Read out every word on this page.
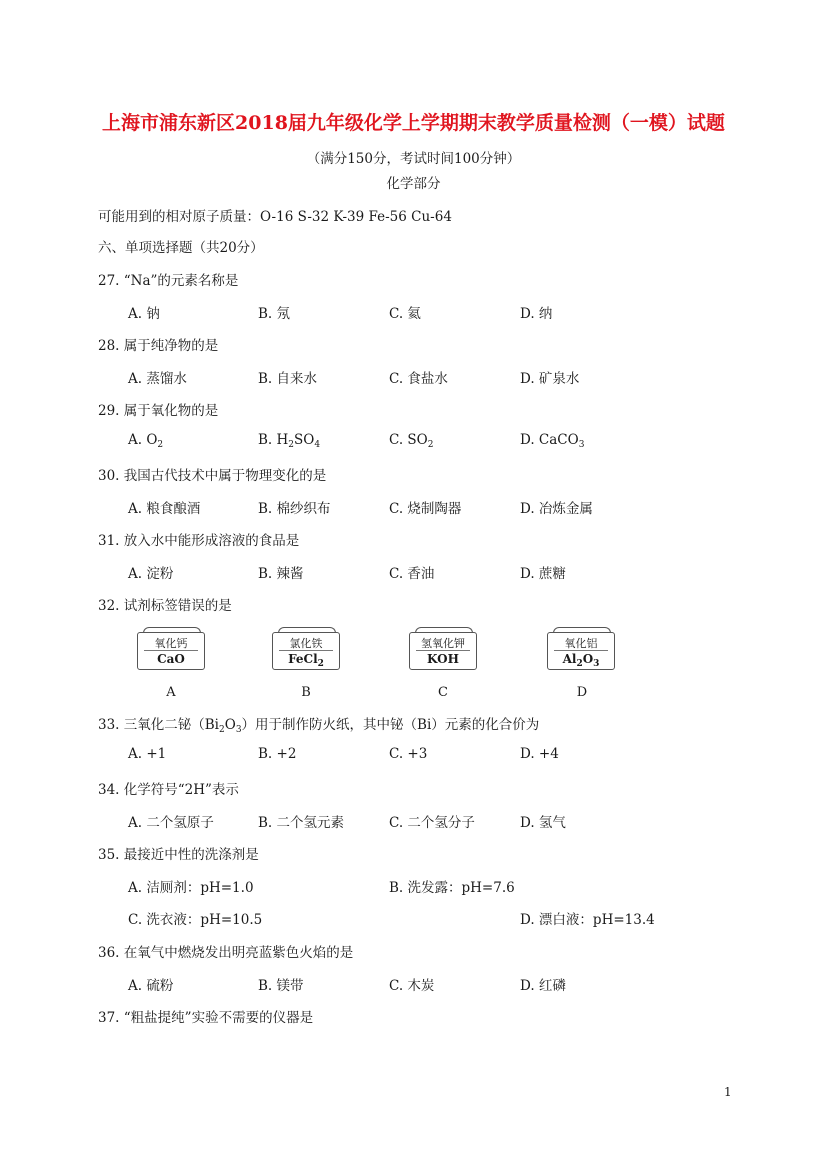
上海市浦东新区2018届九年级化学上学期期末教学质量检测（一模）试题
（满分150分，考试时间100分钟）
化学部分
可能用到的相对原子质量：O-16 S-32 K-39 Fe-56 Cu-64
六、单项选择题（共20分）
27. “Na”的元素名称是
A. 钠	B. 氖	C. 氦	D. 纳
28. 属于纯净物的是
A. 蒸馏水	B. 自来水	C. 食盐水	D. 矿泉水
29. 属于氧化物的是
A. $O_2$	B. $H_2SO_4$	C. $SO_2$	D. CaCO$_3$
30. 我国古代技术中属于物理变化的是
A. 粮食酿酒	B. 棉纱织布	C. 烧制陶器	D. 冶炼金属
31. 放入水中能形成溶液的食品是
A. 淀粉	B. 辣酱	C. 香油	D. 蔗糖
32. 试剂标签错误的是
氧化钙
CaO
氯化铁
FeCl$_2$
氢氧化钾
KOH
氧化铝
$Al_2O_3$
A	B	C	D
33. 三氧化二铋$(Bi_2O_3)$用于制作防火纸，其中铋（Bi）元素的化合价为
A. +1	B. +2	C. +3	D. +4
34. 化学符号“2H”表示
A. 二个氢原子	B. 二个氢元素	C. 二个氢分子	D. 氢气
35. 最接近中性的洗涤剂是
A. 洁厕剂：pH=1.0	B. 洗发露：pH=7.6
C. 洗衣液：pH=10.5	D. 漂白液：pH=13.4
36. 在氧气中燃烧发出明亮蓝紫色火焰的是
A. 硫粉	B. 镁带	C. 木炭	D. 红磷
37. “粗盐提纯”实验不需要的仪器是
1
